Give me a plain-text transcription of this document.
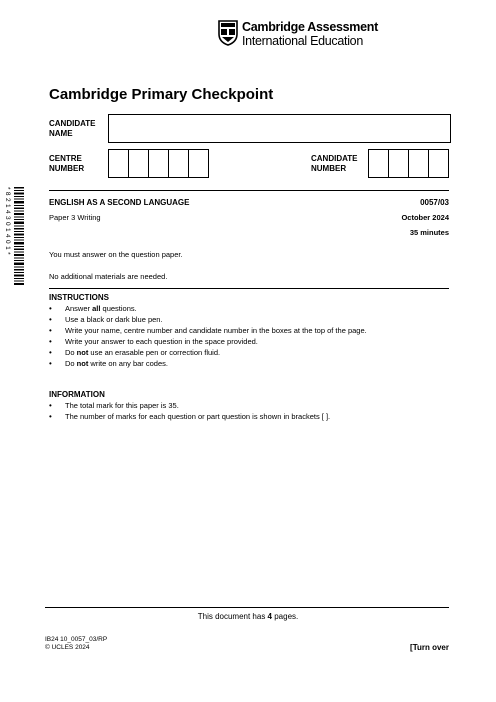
Cambridge Assessment
International Education
Cambridge Primary Checkpoint
CANDIDATE
NAME
CENTRE
NUMBER
CANDIDATE
NUMBER
*8214301401*	ENGLISH AS A SECOND LANGUAGE	0057/03
Paper 3 Writing	October 2024
35 minutes
You must answer on the question paper.
No additional materials are needed.
INSTRUCTIONS
• Answer all questions.
• Use a black or dark blue pen.
• Write your name, centre number and candidate number in the boxes at the top of the page.
• Write your answer to each question in the space provided.
• Do not use an erasable pen or correction fluid.
• Do not write on any bar codes.
INFORMATION
• The total mark for this paper is 35.
• The number of marks for each question or part question is shown in brackets [ ].
This document has 4 pages.
IB24 10_0057_03/RP
© UCLES 2024	[Turn over
